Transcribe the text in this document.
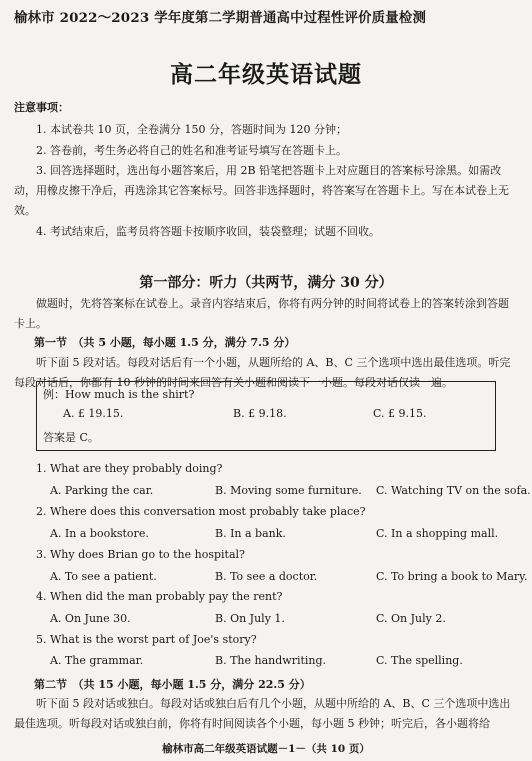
榆林市 2022～2023 学年度第二学期普通高中过程性评价质量检测
高二年级英语试题
注意事项：
1. 本试卷共 10 页，全卷满分 150 分，答题时间为 120 分钟；
2. 答卷前，考生务必将自己的姓名和准考证号填写在答题卡上。
3. 回答选择题时，选出每小题答案后，用 2B 铅笔把答题卡上对应题目的答案标号涂黑。如需改动，用橡皮擦干净后，再选涂其它答案标号。回答非选择题时，将答案写在答题卡上。写在本试卷上无效。
4. 考试结束后，监考员将答题卡按顺序收回，装袋整理；试题不回收。
第一部分：听力（共两节，满分 30 分）
做题时，先将答案标在试卷上。录音内容结束后，你将有两分钟的时间将试卷上的答案转涂到答题卡上。
第一节　（共 5 小题，每小题 1.5 分，满分 7.5 分）
听下面 5 段对话。每段对话后有一个小题，从题所给的 A、B、C 三个选项中选出最佳选项。听完每段对话后，你都有 10 秒钟的时间来回答有关小题和阅读下一小题。每段对话仅读一遍。
例：How much is the shirt?
A. £ 19.15.	B. £ 9.18.	C. £ 9.15.
答案是 C。
1. What are they probably doing?
A. Parking the car.	B. Moving some furniture. C. Watching TV on the sofa.
2. Where does this conversation most probably take place?
A. In a bookstore.	B. In a bank.	C. In a shopping mall.
3. Why does Brian go to the hospital?
A. To see a patient.	B. To see a doctor.	C. To bring a book to Mary.
4. When did the man probably pay the rent?
A. On June 30.	B. On July 1.	C. On July 2.
5. What is the worst part of Joe's story?
A. The grammar.	B. The handwriting.	C. The spelling.
第二节　（共 15 小题，每小题 1.5 分，满分 22.5 分）
听下面 5 段对话或独白。每段对话或独白后有几个小题，从题中所给的 A、B、C 三个选项中选出最佳选项。听每段对话或独白前，你将有时间阅读各个小题，每小题 5 秒钟；听完后，各小题将给
榆林市高二年级英语试题－1－（共 10 页）
